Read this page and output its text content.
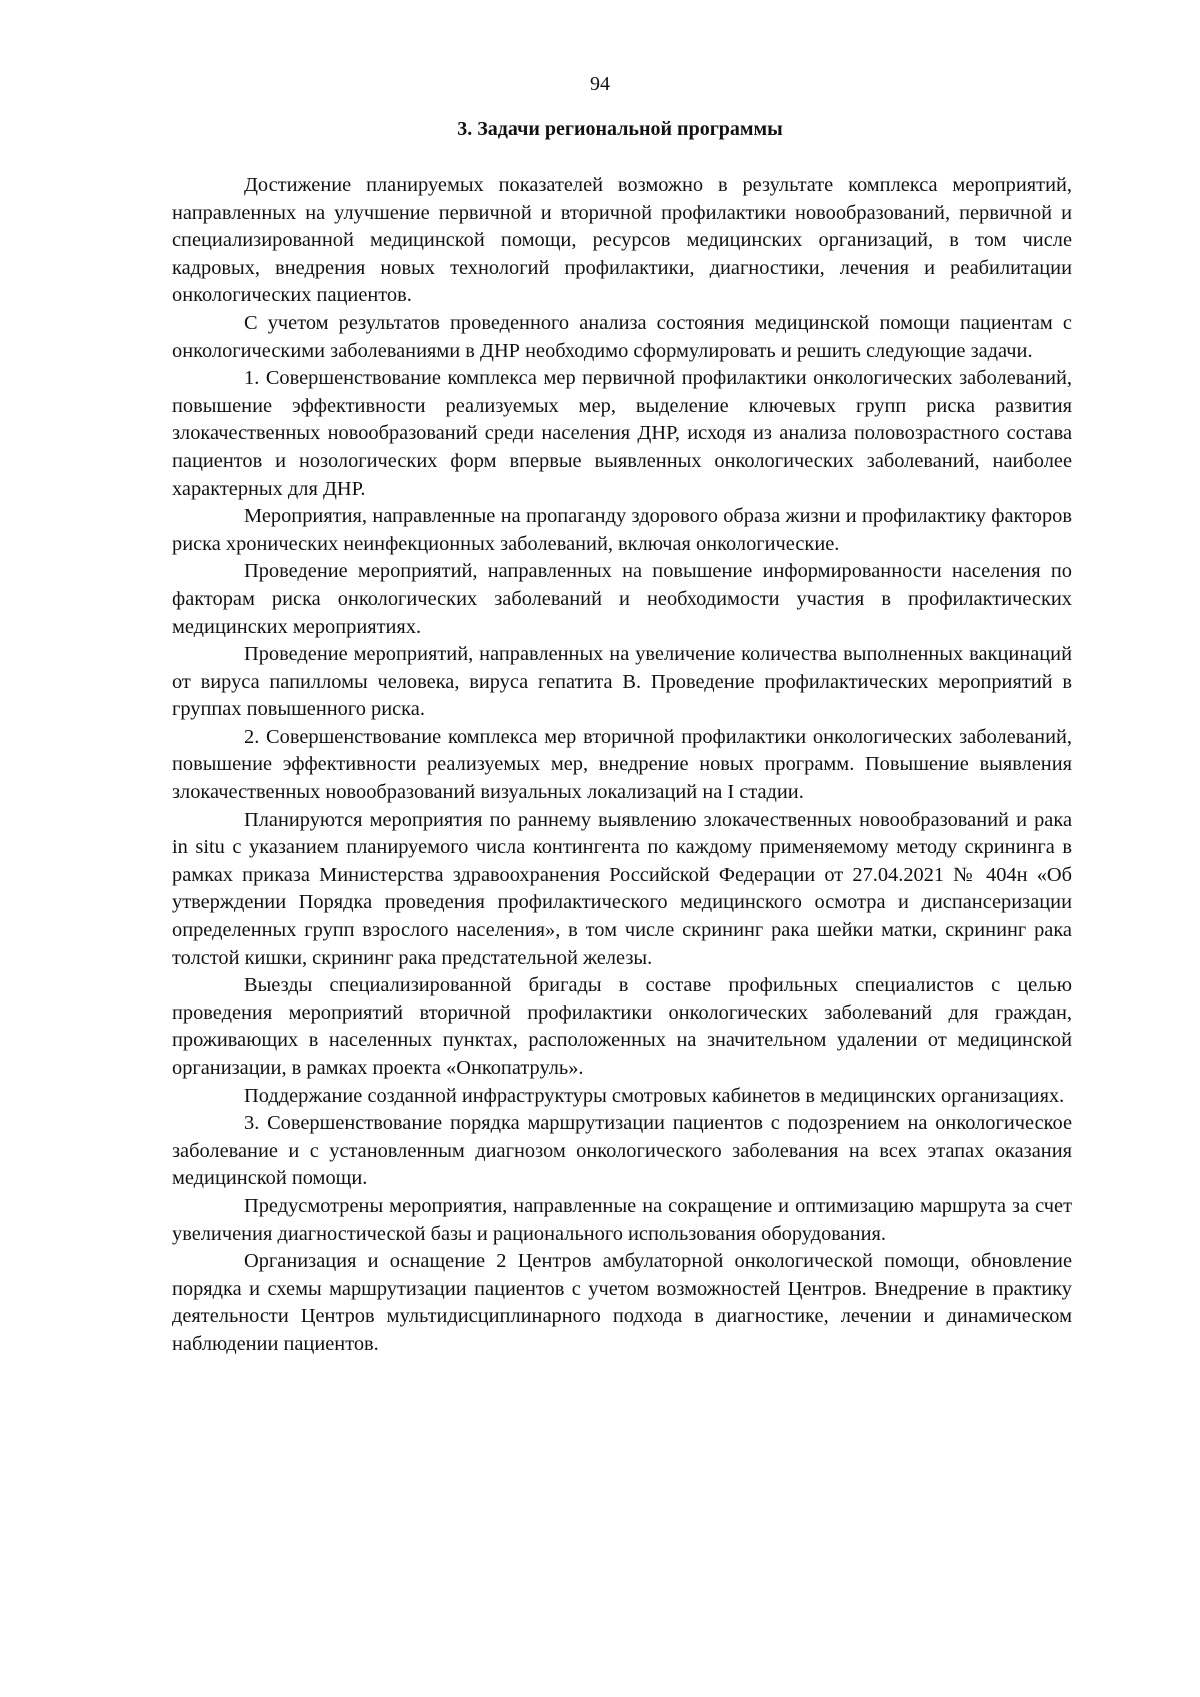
94
3. Задачи региональной программы

Достижение планируемых показателей возможно в результате комплекса мероприятий, направленных на улучшение первичной и вторичной профилактики новообразований, первичной и специализированной медицинской помощи, ресурсов медицинских организаций, в том числе кадровых, внедрения новых технологий профилактики, диагностики, лечения и реабилитации онкологических пациентов.

С учетом результатов проведенного анализа состояния медицинской помощи пациентам с онкологическими заболеваниями в ДНР необходимо сформулировать и решить следующие задачи.

1. Совершенствование комплекса мер первичной профилактики онкологических заболеваний, повышение эффективности реализуемых мер, выделение ключевых групп риска развития злокачественных новообразований среди населения ДНР, исходя из анализа половозрастного состава пациентов и нозологических форм впервые выявленных онкологических заболеваний, наиболее характерных для ДНР.

Мероприятия, направленные на пропаганду здорового образа жизни и профилактику факторов риска хронических неинфекционных заболеваний, включая онкологические.

Проведение мероприятий, направленных на повышение информированности населения по факторам риска онкологических заболеваний и необходимости участия в профилактических медицинских мероприятиях.

Проведение мероприятий, направленных на увеличение количества выполненных вакцинаций от вируса папилломы человека, вируса гепатита В. Проведение профилактических мероприятий в группах повышенного риска.

2. Совершенствование комплекса мер вторичной профилактики онкологических заболеваний, повышение эффективности реализуемых мер, внедрение новых программ. Повышение выявления злокачественных новообразований визуальных локализаций на I стадии.

Планируются мероприятия по раннему выявлению злокачественных новообразований и рака in situ с указанием планируемого числа контингента по каждому применяемому методу скрининга в рамках приказа Министерства здравоохранения Российской Федерации от 27.04.2021 № 404н «Об утверждении Порядка проведения профилактического медицинского осмотра и диспансеризации определенных групп взрослого населения», в том числе скрининг рака шейки матки, скрининг рака толстой кишки, скрининг рака предстательной железы.

Выезды специализированной бригады в составе профильных специалистов с целью проведения мероприятий вторичной профилактики онкологических заболеваний для граждан, проживающих в населенных пунктах, расположенных на значительном удалении от медицинской организации, в рамках проекта «Онкопатруль».

Поддержание созданной инфраструктуры смотровых кабинетов в медицинских организациях.

3. Совершенствование порядка маршрутизации пациентов с подозрением на онкологическое заболевание и с установленным диагнозом онкологического заболевания на всех этапах оказания медицинской помощи.

Предусмотрены мероприятия, направленные на сокращение и оптимизацию маршрута за счет увеличения диагностической базы и рационального использования оборудования.

Организация и оснащение 2 Центров амбулаторной онкологической помощи, обновление порядка и схемы маршрутизации пациентов с учетом возможностей Центров. Внедрение в практику деятельности Центров мультидисциплинарного подхода в диагностике, лечении и динамическом наблюдении пациентов.
